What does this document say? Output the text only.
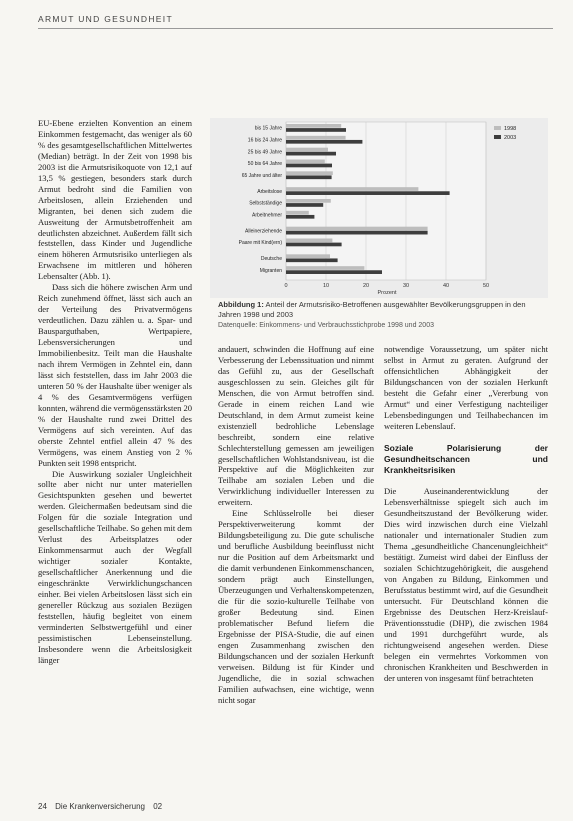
ARMUT UND GESUNDHEIT

EU-Ebene erzielten Konvention an einem Einkommen festgemacht, das weniger als 60 % des gesamtgesellschaftlichen Mittelwertes (Median) beträgt. In der Zeit von 1998 bis 2003 ist die Armutsrisikoquote von 12,1 auf 13,5 % gestiegen, besonders stark durch Armut bedroht sind die Familien von Arbeitslosen, allein Erziehenden und Migranten, bei denen sich zudem die Ausweitung der Armutsbetroffenheit am deutlichsten abzeichnet. Außerdem fällt sich feststellen, dass Kinder und Jugendliche einem höheren Armutsrisiko unterliegen als Erwachsene im mittleren und höheren Lebensalter (Abb. 1).

Dass sich die höhere zwischen Arm und Reich zunehmend öffnet, lässt sich auch an der Verteilung des Privatvermögens verdeutlichen. Dazu zählen u. a. Spar- und Bausparguthaben, Wertpapiere, Lebensversicherungen und Immobilienbesitz. Teilt man die Haushalte nach ihrem Vermögen in Zehntel ein, dann lässt sich feststellen, dass im Jahr 2003 die unteren 50 % der Haushalte über weniger als 4 % des Gesamtvermögens verfügen konnten, während die vermögensstärksten 20 % der Haushalte rund zwei Drittel des Vermögens auf sich vereinten. Auf das oberste Zehntel entfiel allein 47 % des Vermögens, was einem Anstieg von 2 % Punkten seit 1998 entspricht.

Die Auswirkung sozialer Ungleichheit sollte aber nicht nur unter materiellen Gesichtspunkten gesehen und bewertet werden. Gleichermaßen bedeutsam sind die Folgen für die soziale Integration und gesellschaftliche Teilhabe. So gehen mit dem Verlust des Arbeitsplatzes oder Einkommensarmut auch der Wegfall wichtiger sozialer Kontakte, gesellschaftlicher Anerkennung und die eingeschränkte Verwirklichungschancen einher. Bei vielen Arbeitslosen lässt sich ein genereller Rückzug aus sozialen Bezügen feststellen, häufig begleitet von einem verminderten Selbstwertgefühl und einer pessimistischen Lebenseinstellung. Insbesondere wenn die Arbeitslosigkeit länger

Prozent
0	10	20	30	40	50
bis 15 Jahre
16 bis 24 Jahre
25 bis 49 Jahre
50 bis 64 Jahre
65 Jahre und älter
Arbeitslose
Selbstständige
Arbeitnehmer
Alleinerziehende
Paare mit Kind(ern)
Deutsche
Migranten
1998
2003
Abbildung 1: Anteil der Armutsrisiko-Betroffenen ausgewählter Bevölkerungsgruppen in den Jahren 1998 und 2003
Datenquelle: Einkommens- und Verbrauchsstichprobe 1998 und 2003

andauert, schwinden die Hoffnung auf eine Verbesserung der Lebenssituation und nimmt das Gefühl zu, aus der Gesellschaft ausgeschlossen zu sein. Gleiches gilt für Menschen, die von Armut betroffen sind. Gerade in einem reichen Land wie Deutschland, in dem Armut zumeist keine existenziell bedrohliche Lebenslage beschreibt, sondern eine relative Schlechterstellung gemessen am jeweiligen gesellschaftlichen Wohlstandsniveau, ist die Perspektive auf die Möglichkeiten zur Teilhabe am sozialen Leben und die Verwirklichung individueller Interessen zu erweitern.

Eine Schlüsselrolle bei dieser Perspektiverweiterung kommt der Bildungsbeteiligung zu. Die gute schulische und berufliche Ausbildung beeinflusst nicht nur die Position auf dem Arbeitsmarkt und die damit verbundenen Einkommenschancen, sondern prägt auch Einstellungen, Überzeugungen und Verhaltenskompetenzen, die für die sozio-kulturelle Teilhabe von großer Bedeutung sind. Einen problematischer Befund liefern die Ergebnisse der PISA-Studie, die auf einen engen Zusammenhang zwischen den Bildungschancen und der sozialen Herkunft verweisen. Bildung ist für Kinder und Jugendliche, die in sozial schwachen Familien aufwachsen, eine wichtige, wenn nicht sogar

notwendige Voraussetzung, um später nicht selbst in Armut zu geraten. Aufgrund der offensichtlichen Abhängigkeit der Bildungschancen von der sozialen Herkunft besteht die Gefahr einer „Vererbung von Armut“ und einer Verfestigung nachteiliger Lebensbedingungen und Teilhabechancen im weiteren Lebenslauf.

Soziale Polarisierung der Gesundheitschancen und Krankheitsrisiken

Die Auseinanderentwicklung der Lebensverhältnisse spiegelt sich auch im Gesundheitszustand der Bevölkerung wider. Dies wird inzwischen durch eine Vielzahl nationaler und internationaler Studien zum Thema „gesundheitliche Chancenungleichheit“ bestätigt. Zumeist wird dabei der Einfluss der sozialen Schichtzugehörigkeit, die ausgehend von Angaben zu Bildung, Einkommen und Berufsstatus bestimmt wird, auf die Gesundheit untersucht. Für Deutschland können die Ergebnisse des Deutschen Herz-Kreislauf-Präventionsstudie (DHP), die zwischen 1984 und 1991 durchgeführt wurde, als richtungweisend angesehen werden. Diese belegen ein vermehrtes Vorkommen von chronischen Krankheiten und Beschwerden in der unteren von insgesamt fünf betrachteten

24 Die Krankenversicherung 02
